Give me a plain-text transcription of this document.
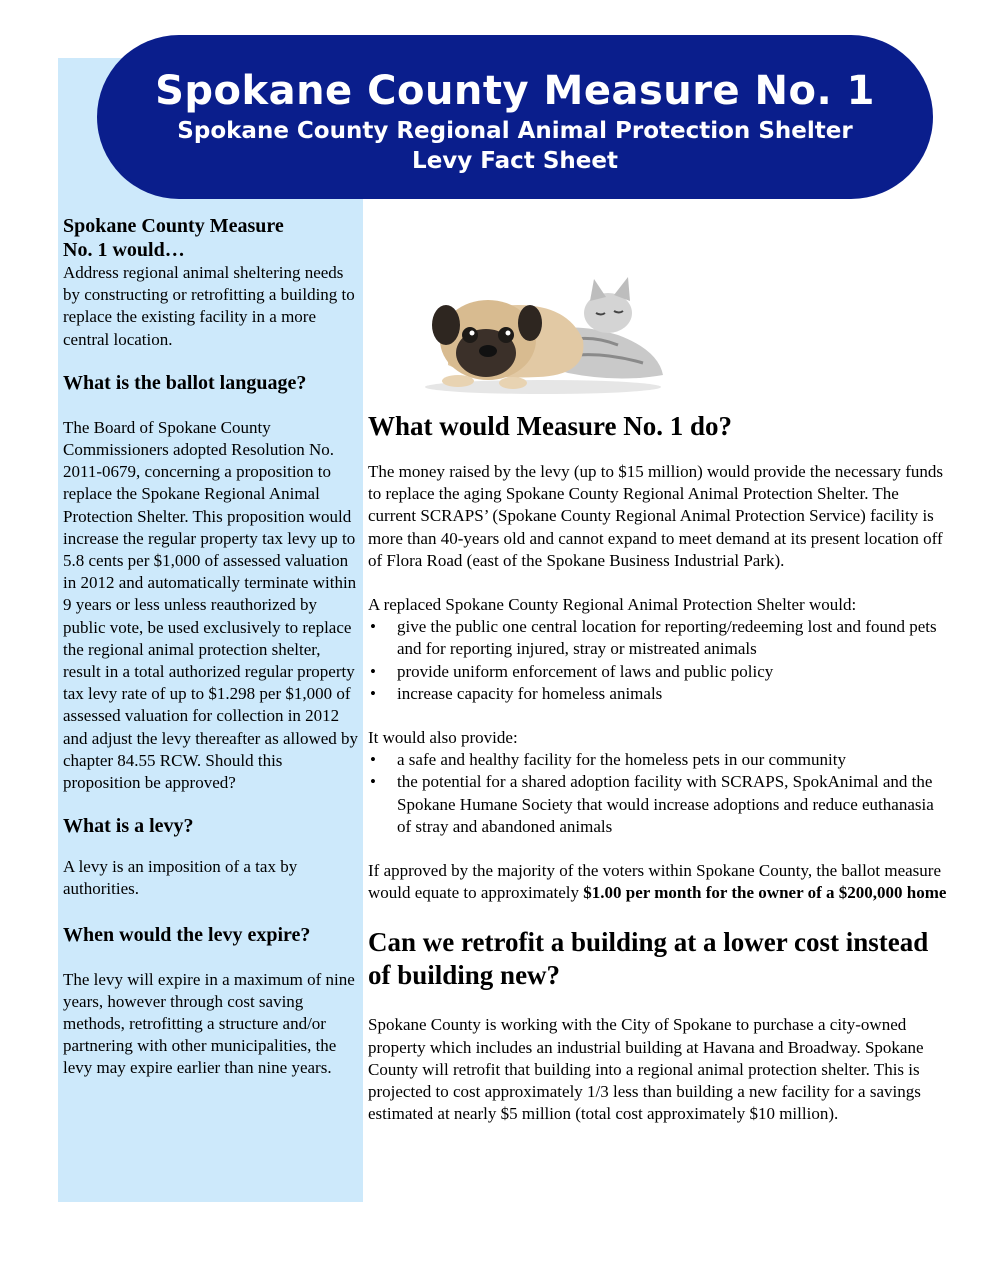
Spokane County Measure No. 1
Spokane County Regional Animal Protection Shelter
Levy Fact Sheet
Spokane County Measure
No. 1 would…

Address regional animal sheltering needs by constructing or retrofitting a building to replace the existing facility in a more central location.

What is the ballot language?

The Board of Spokane County Commissioners adopted Resolution No. 2011-0679, concerning a proposition to replace the Spokane Regional Animal Protection Shelter. This proposition would increase the regular property tax levy up to 5.8 cents per $1,000 of assessed valuation in 2012 and automatically terminate within 9 years or less unless reauthorized by public vote, be used exclusively to replace the regional animal protection shelter, result in a total authorized regular property tax levy rate of up to $1.298 per $1,000 of assessed valuation for collection in 2012 and adjust the levy thereafter as allowed by chapter 84.55 RCW. Should this proposition be approved?

What is a levy?

A levy is an imposition of a tax by authorities.

When would the levy expire?

The levy will expire in a maximum of nine years, however through cost saving methods, retrofitting a structure and/or partnering with other municipalities, the levy may expire earlier than nine years.

What would Measure No. 1 do?

The money raised by the levy (up to $15 million) would provide the necessary funds to replace the aging Spokane County Regional Animal Protection Shelter. The current SCRAPS’ (Spokane County Regional Animal Protection Service) facility is more than 40-years old and cannot expand to meet demand at its present location off of Flora Road (east of the Spokane Business Industrial Park).

A replaced Spokane County Regional Animal Protection Shelter would:

• give the public one central location for reporting/redeeming lost and found pets and for reporting injured, stray or mistreated animals
• provide uniform enforcement of laws and public policy
• increase capacity for homeless animals

It would also provide:

• a safe and healthy facility for the homeless pets in our community
• the potential for a shared adoption facility with SCRAPS, SpokAnimal and the Spokane Humane Society that would increase adoptions and reduce euthanasia of stray and abandoned animals

If approved by the majority of the voters within Spokane County, the ballot measure would equate to approximately $1.00 per month for the owner of a $200,000 home

Can we retrofit a building at a lower cost instead of building new?

Spokane County is working with the City of Spokane to purchase a city-owned property which includes an industrial building at Havana and Broadway. Spokane County will retrofit that building into a regional animal protection shelter. This is projected to cost approximately 1/3 less than building a new facility for a savings estimated at nearly $5 million (total cost approximately $10 million).
